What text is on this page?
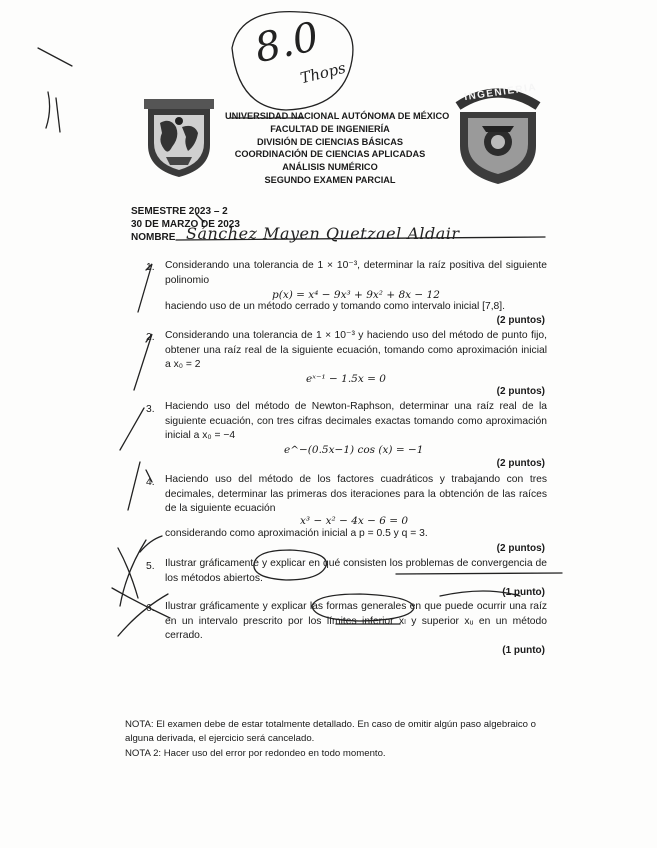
INGENIERIA
UNIVERSIDAD NACIONAL AUTÓNOMA DE MÉXICO
FACULTAD DE INGENIERÍA
DIVISIÓN DE CIENCIAS BÁSICAS
COORDINACIÓN DE CIENCIAS APLICADAS
ANÁLISIS NUMÉRICO
SEGUNDO EXAMEN PARCIAL
8.0
Thops
SEMESTRE 2023 – 2
30 DE MARZO DE 2023
NOMBRE Sánchez Mayen Quetzael Aldair
1. Considerando una tolerancia de 1 × 10⁻³, determinar la raíz positiva del siguiente polinomio
p(x) = x⁴ − 9x³ + 9x² + 8x − 12
haciendo uso de un método cerrado y tomando como intervalo inicial [7,8].
(2 puntos)
2. Considerando una tolerancia de 1 × 10⁻³ y haciendo uso del método de punto fijo, obtener una raíz real de la siguiente ecuación, tomando como aproximación inicial a x₀ = 2
eˣ⁻¹ − 1.5x = 0
(2 puntos)
3. Haciendo uso del método de Newton-Raphson, determinar una raíz real de la siguiente ecuación, con tres cifras decimales exactas tomando como aproximación inicial a x₀ = −4
e^−(0.5x−1) cos (x) = −1
(2 puntos)
4. Haciendo uso del método de los factores cuadráticos y trabajando con tres decimales, determinar las primeras dos iteraciones para la obtención de las raíces de la siguiente ecuación
x³ − x² − 4x − 6 = 0
considerando como aproximación inicial a p = 0.5 y q = 3.
(2 puntos)
5. Ilustrar gráficamente y explicar en qué consisten los problemas de convergencia de los métodos abiertos.
(1 punto)
6. Ilustrar gráficamente y explicar las formas generales en que puede ocurrir una raíz en un intervalo prescrito por los límites inferior xₗ y superior xᵤ en un método cerrado.
(1 punto)
NOTA: El examen debe de estar totalmente detallado. En caso de omitir algún paso algebraico o alguna derivada, el ejercicio será cancelado.
NOTA 2: Hacer uso del error por redondeo en todo momento.
